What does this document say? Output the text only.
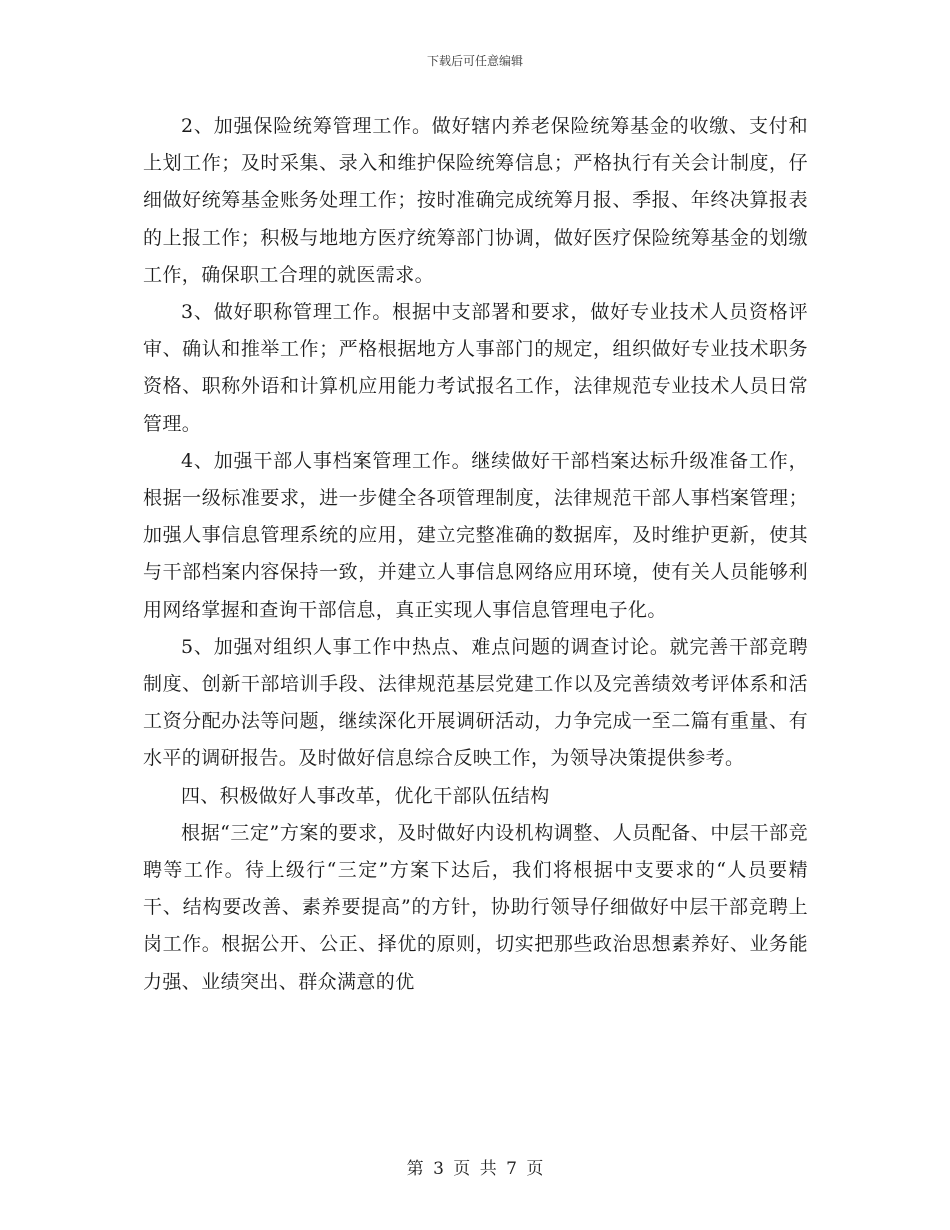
下载后可任意编辑

2、加强保险统筹管理工作。做好辖内养老保险统筹基金的收缴、支付和上划工作；及时采集、录入和维护保险统筹信息；严格执行有关会计制度，仔细做好统筹基金账务处理工作；按时准确完成统筹月报、季报、年终决算报表的上报工作；积极与地地方医疗统筹部门协调，做好医疗保险统筹基金的划缴工作，确保职工合理的就医需求。

3、做好职称管理工作。根据中支部署和要求，做好专业技术人员资格评审、确认和推举工作；严格根据地方人事部门的规定，组织做好专业技术职务资格、职称外语和计算机应用能力考试报名工作，法律规范专业技术人员日常管理。

4、加强干部人事档案管理工作。继续做好干部档案达标升级准备工作，根据一级标准要求，进一步健全各项管理制度，法律规范干部人事档案管理；加强人事信息管理系统的应用，建立完整准确的数据库，及时维护更新，使其与干部档案内容保持一致，并建立人事信息网络应用环境，使有关人员能够利用网络掌握和查询干部信息，真正实现人事信息管理电子化。

5、加强对组织人事工作中热点、难点问题的调查讨论。就完善干部竞聘制度、创新干部培训手段、法律规范基层党建工作以及完善绩效考评体系和活工资分配办法等问题，继续深化开展调研活动，力争完成一至二篇有重量、有水平的调研报告。及时做好信息综合反映工作，为领导决策提供参考。

四、积极做好人事改革，优化干部队伍结构

根据“三定”方案的要求，及时做好内设机构调整、人员配备、中层干部竞聘等工作。待上级行“三定”方案下达后，我们将根据中支要求的“人员要精干、结构要改善、素养要提高”的方针，协助行领导仔细做好中层干部竞聘上岗工作。根据公开、公正、择优的原则，切实把那些政治思想素养好、业务能力强、业绩突出、群众满意的优

第 3 页 共 7 页
